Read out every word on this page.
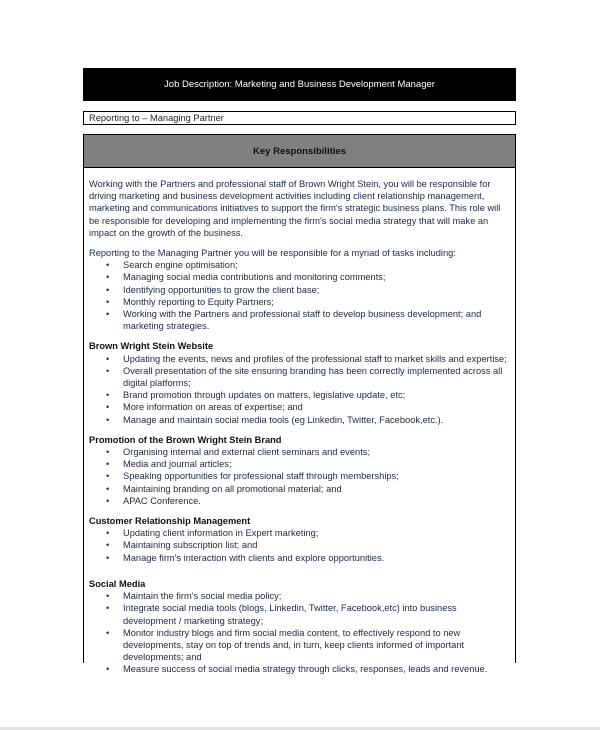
Job Description: Marketing and Business Development Manager
Reporting to – Managing Partner
Key Responsibilities

Working with the Partners and professional staff of Brown Wright Stein, you will be responsible for driving marketing and business development activities including client relationship management, marketing and communications initiatives to support the firm's strategic business plans. This role will be responsible for developing and implementing the firm's social media strategy that will make an impact on the growth of the business.

Reporting to the Managing Partner you will be responsible for a myriad of tasks including:

• Search engine optimisation;
• Managing social media contributions and monitoring comments;
• Identifying opportunities to grow the client base;
• Monthly reporting to Equity Partners;
• Working with the Partners and professional staff to develop business development; and marketing strategies.
Brown Wright Stein Website
• Updating the events, news and profiles of the professional staff to market skills and expertise;
• Overall presentation of the site ensuring branding has been correctly implemented across all digital platforms;
• Brand promotion through updates on matters, legislative update, etc;
• More information on areas of expertise; and
• Manage and maintain social media tools (eg Linkedin, Twitter, Facebook,etc.).
Promotion of the Brown Wright Stein Brand
• Organising internal and external client seminars and events;
• Media and journal articles;
• Speaking opportunities for professional staff through memberships;
• Maintaining branding on all promotional material; and
• APAC Conference.
Customer Relationship Management
• Updating client information in Expert marketing;
• Maintaining subscription list; and
• Manage firm's interaction with clients and explore opportunities.
Social Media
• Maintain the firm's social media policy;
• Integrate social media tools (blogs, Linkedin, Twitter, Facebook,etc) into business development / marketing strategy;
• Monitor industry blogs and firm social media content, to effectively respond to new developments, stay on top of trends and, in turn, keep clients informed of important developments; and
• Measure success of social media strategy through clicks, responses, leads and revenue.
